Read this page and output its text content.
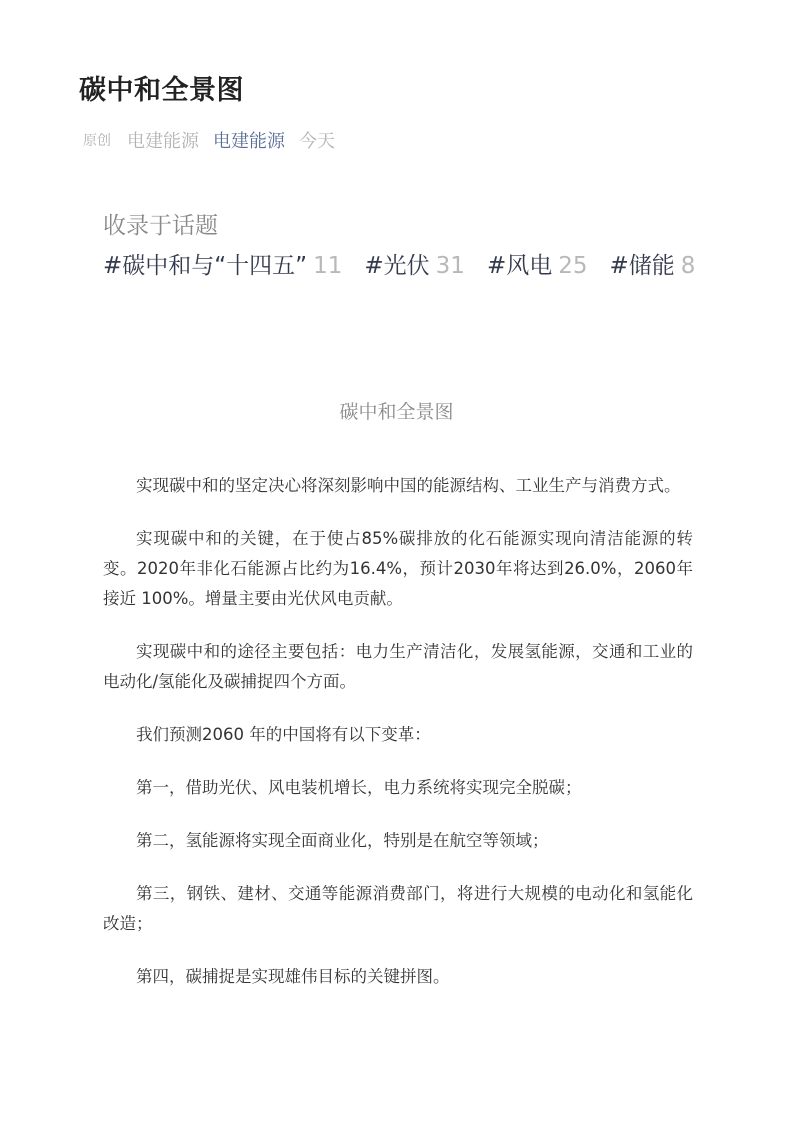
碳中和全景图
原创 电建能源 电建能源 今天
收录于话题
#碳中和与“十四五” 11 #光伏 31 #风电 25 #储能 8
碳中和全景图

实现碳中和的坚定决心将深刻影响中国的能源结构、工业生产与消费方式。

实现碳中和的关键，在于使占85%碳排放的化石能源实现向清洁能源的转变。2020年非化石能源占比约为16.4%，预计2030年将达到26.0%，2060年接近 100%。增量主要由光伏风电贡献。

实现碳中和的途径主要包括：电力生产清洁化，发展氢能源，交通和工业的电动化/氢能化及碳捕捉四个方面。

我们预测2060 年的中国将有以下变革：

第一，借助光伏、风电装机增长，电力系统将实现完全脱碳；

第二，氢能源将实现全面商业化，特别是在航空等领域；

第三，钢铁、建材、交通等能源消费部门，将进行大规模的电动化和氢能化改造；

第四，碳捕捉是实现雄伟目标的关键拼图。
